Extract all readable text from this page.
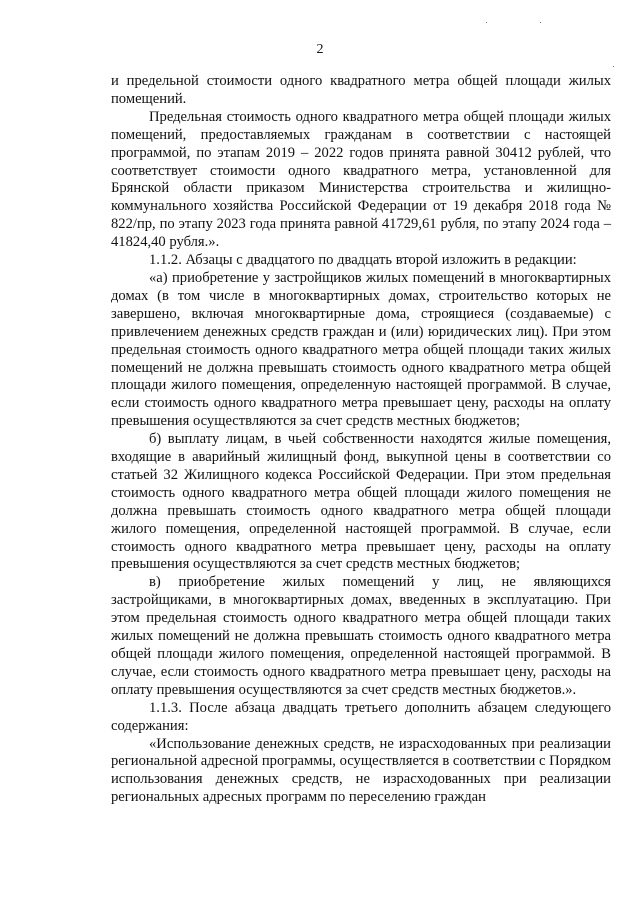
2

и предельной стоимости одного квадратного метра общей площади жилых помещений.

Предельная стоимость одного квадратного метра общей площади жилых помещений, предоставляемых гражданам в соответствии с настоящей программой, по этапам 2019 – 2022 годов принята равной 30412 рублей, что соответствует стоимости одного квадратного метра, установленной для Брянской области приказом Министерства строительства и жилищно-коммунального хозяйства Российской Федерации от 19 декабря 2018 года № 822/пр, по этапу 2023 года принята равной 41729,61 рубля, по этапу 2024 года – 41824,40 рубля.».

1.1.2. Абзацы с двадцатого по двадцать второй изложить в редакции:

«а) приобретение у застройщиков жилых помещений в многоквартирных домах (в том числе в многоквартирных домах, строительство которых не завершено, включая многоквартирные дома, строящиеся (создаваемые) с привлечением денежных средств граждан и (или) юридических лиц). При этом предельная стоимость одного квадратного метра общей площади таких жилых помещений не должна превышать стоимость одного квадратного метра общей площади жилого помещения, определенную настоящей программой. В случае, если стоимость одного квадратного метра превышает цену, расходы на оплату превышения осуществляются за счет средств местных бюджетов;

б) выплату лицам, в чьей собственности находятся жилые помещения, входящие в аварийный жилищный фонд, выкупной цены в соответствии со статьей 32 Жилищного кодекса Российской Федерации. При этом предельная стоимость одного квадратного метра общей площади жилого помещения не должна превышать стоимость одного квадратного метра общей площади жилого помещения, определенной настоящей программой. В случае, если стоимость одного квадратного метра превышает цену, расходы на оплату превышения осуществляются за счет средств местных бюджетов;

в) приобретение жилых помещений у лиц, не являющихся застройщиками, в многоквартирных домах, введенных в эксплуатацию. При этом предельная стоимость одного квадратного метра общей площади таких жилых помещений не должна превышать стоимость одного квадратного метра общей площади жилого помещения, определенной настоящей программой. В случае, если стоимость одного квадратного метра превышает цену, расходы на оплату превышения осуществляются за счет средств местных бюджетов.».

1.1.3. После абзаца двадцать третьего дополнить абзацем следующего содержания:

«Использование денежных средств, не израсходованных при реализации региональной адресной программы, осуществляется в соответствии с Порядком использования денежных средств, не израсходованных при реализации региональных адресных программ по переселению граждан
